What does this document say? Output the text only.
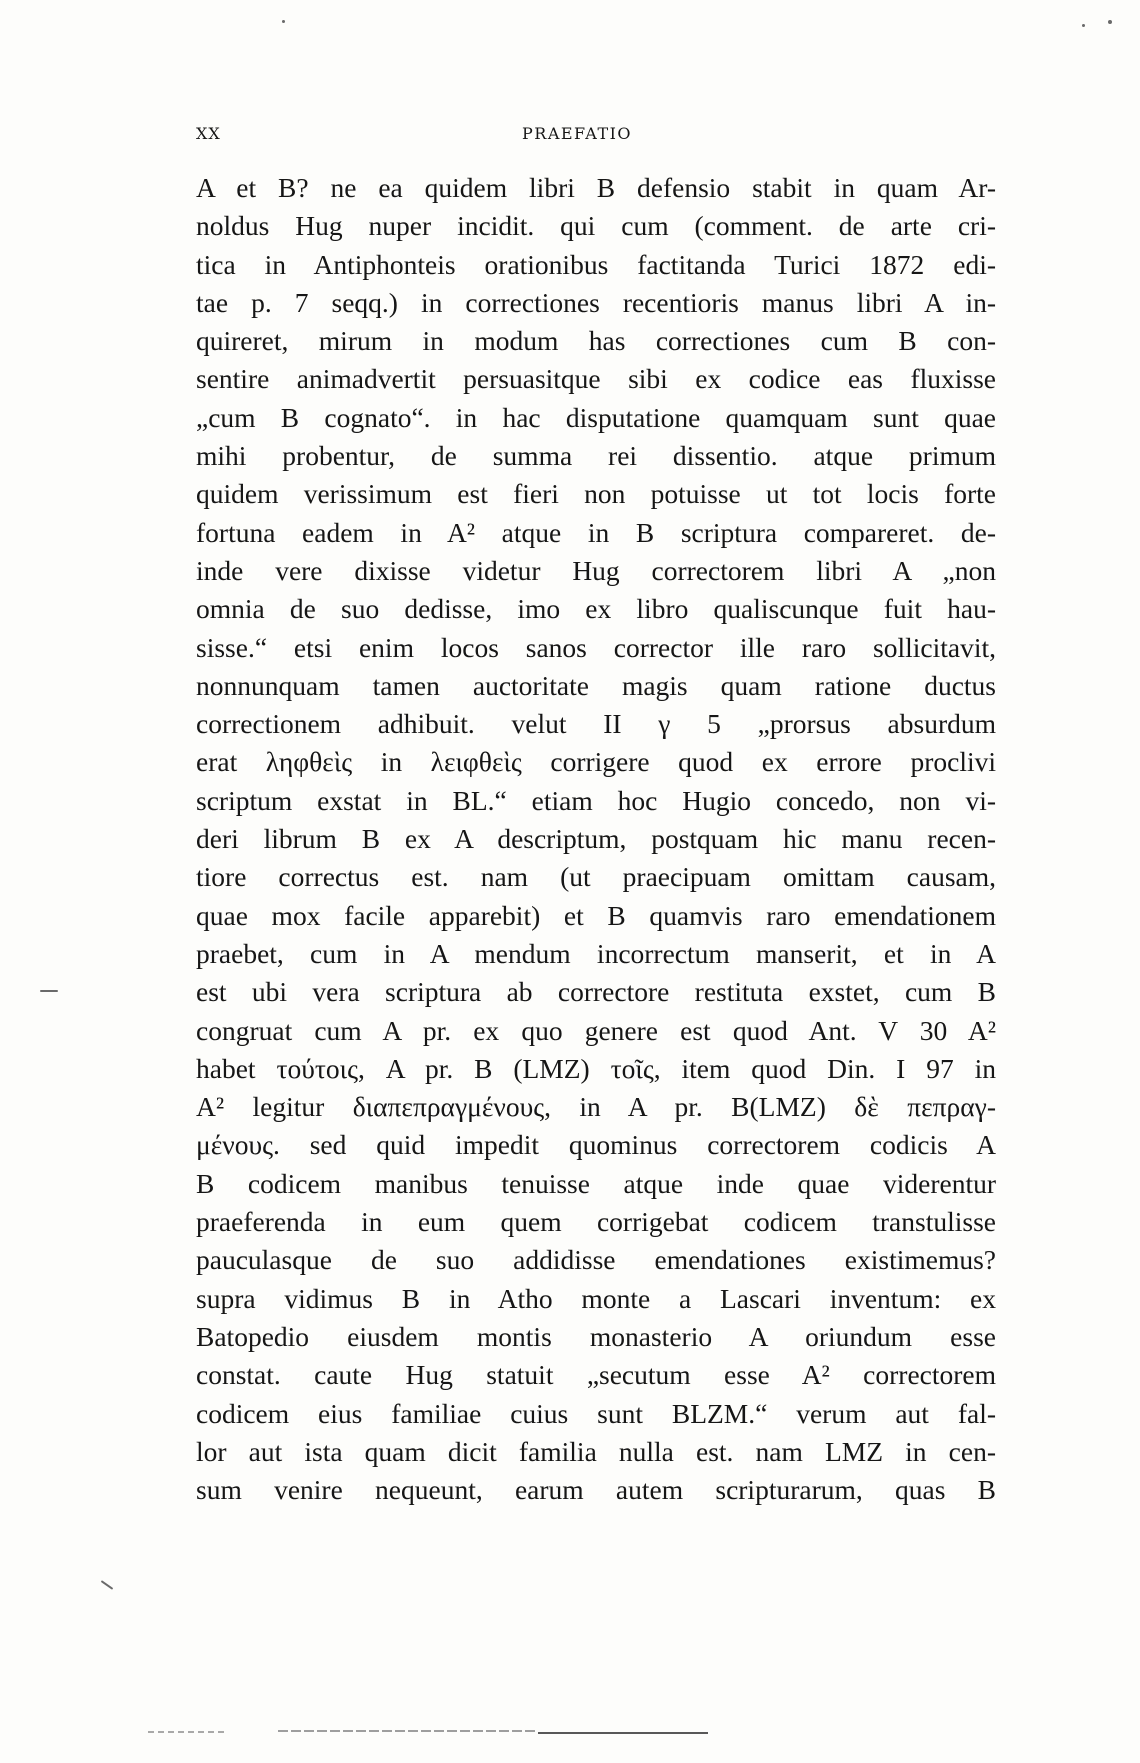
XX	PRAEFATIO
A et B? ne ea quidem libri B defensio stabit in quam Ar-
noldus Hug nuper incidit. qui cum (comment. de arte cri-
tica in Antiphonteis orationibus factitanda Turici 1872 edi-
tae p. 7 seqq.) in correctiones recentioris manus libri A in-
quireret, mirum in modum has correctiones cum B con-
sentire animadvertit persuasitque sibi ex codice eas fluxisse
„cum B cognato“. in hac disputatione quamquam sunt quae
mihi probentur, de summa rei dissentio. atque primum
quidem verissimum est fieri non potuisse ut tot locis forte
fortuna eadem in A² atque in B scriptura compareret. de-
inde vere dixisse videtur Hug correctorem libri A „non
omnia de suo dedisse, imo ex libro qualiscunque fuit hau-
sisse.“ etsi enim locos sanos corrector ille raro sollicitavit,
nonnunquam tamen auctoritate magis quam ratione ductus
correctionem adhibuit. velut II γ 5 „prorsus absurdum
erat ληφθεὶς in λειφθεὶς corrigere quod ex errore proclivi
scriptum exstat in BL.“ etiam hoc Hugio concedo, non vi-
deri librum B ex A descriptum, postquam hic manu recen-
tiore correctus est. nam (ut praecipuam omittam causam,
quae mox facile apparebit) et B quamvis raro emendationem
praebet, cum in A mendum incorrectum manserit, et in A
est ubi vera scriptura ab correctore restituta exstet, cum B
congruat cum A pr. ex quo genere est quod Ant. V 30 A²
habet τούτοις, A pr. B (LMZ) τοῖς, item quod Din. I 97 in
A² legitur διαπεπραγμένους, in A pr. B(LMZ) δὲ πεπραγ-
μένους. sed quid impedit quominus correctorem codicis A
B codicem manibus tenuisse atque inde quae viderentur
praeferenda in eum quem corrigebat codicem transtulisse
pauculasque de suo addidisse emendationes existimemus?
supra vidimus B in Atho monte a Lascari inventum: ex
Batopedio eiusdem montis monasterio A oriundum esse
constat. caute Hug statuit „secutum esse A² correctorem
codicem eius familiae cuius sunt BLZM.“ verum aut fal-
lor aut ista quam dicit familia nulla est. nam LMZ in cen-
sum venire nequeunt, earum autem scripturarum, quas B
